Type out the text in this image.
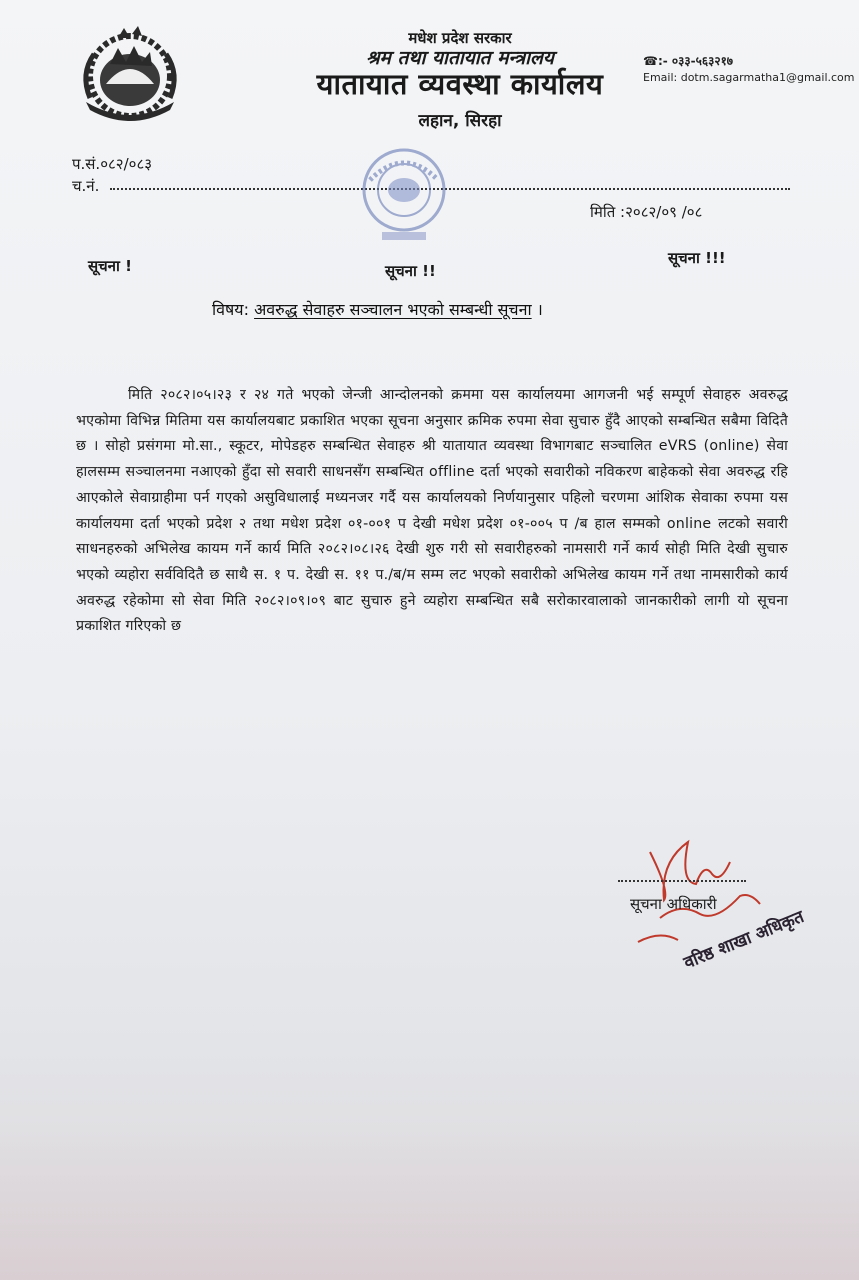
मधेश प्रदेश सरकार
श्रम तथा यातायात मन्त्रालय
यातायात व्यवस्था कार्यालय
लहान, सिरहा
☎:- ०३३-५६३२१७
Email: dotm.sagarmatha1@gmail.com
प.सं.०८२/०८३
च.नं.
मिति :२०८२/०९ /०८
सूचना !	सूचना !!
सूचना !!!
विषय: अवरुद्ध सेवाहरु सञ्चालन भएको सम्बन्धी सूचना ।
मिति २०८२।०५।२३ र २४ गते भएको जेन्जी आन्दोलनको क्रममा यस कार्यालयमा आगजनी भई सम्पूर्ण सेवाहरु अवरुद्ध भएकोमा विभिन्न मितिमा यस कार्यालयबाट प्रकाशित भएका सूचना अनुसार क्रमिक रुपमा सेवा सुचारु हुँदै आएको सम्बन्धित सबैमा विदितै छ । सोहो प्रसंगमा मो.सा., स्कूटर, मोपेडहरु सम्बन्धित सेवाहरु श्री यातायात व्यवस्था विभागबाट सञ्चालित eVRS (online) सेवा हालसम्म सञ्चालनमा नआएको हुँदा सो सवारी साधनसँग सम्बन्धित offline दर्ता भएको सवारीको नविकरण बाहेकको सेवा अवरुद्ध रहि आएकोले सेवाग्राहीमा पर्न गएको असुविधालाई मध्यनजर गर्दै यस कार्यालयको निर्णयानुसार पहिलो चरणमा आंशिक सेवाका रुपमा यस कार्यालयमा दर्ता भएको प्रदेश २ तथा मधेश प्रदेश ०१-००१ प देखी मधेश प्रदेश ०१-००५ प /ब हाल सम्मको online लटको सवारी साधनहरुको अभिलेख कायम गर्ने कार्य मिति २०८२।०८।२६ देखी शुरु गरी सो सवारीहरुको नामसारी गर्ने कार्य सोही मिति देखी सुचारु भएको व्यहोरा सर्वविदितै छ साथै स. १ प. देखी स. ११ प./ब/म सम्म लट भएको सवारीको अभिलेख कायम गर्ने तथा नामसारीको कार्य अवरुद्ध रहेकोमा सो सेवा मिति २०८२।०९।०९ बाट सुचारु हुने व्यहोरा सम्बन्धित सबै सरोकारवालाको जानकारीको लागी यो सूचना प्रकाशित गरिएको छ
सूचना अधिकारी
वरिष्ठ शाखा अधिकृत
